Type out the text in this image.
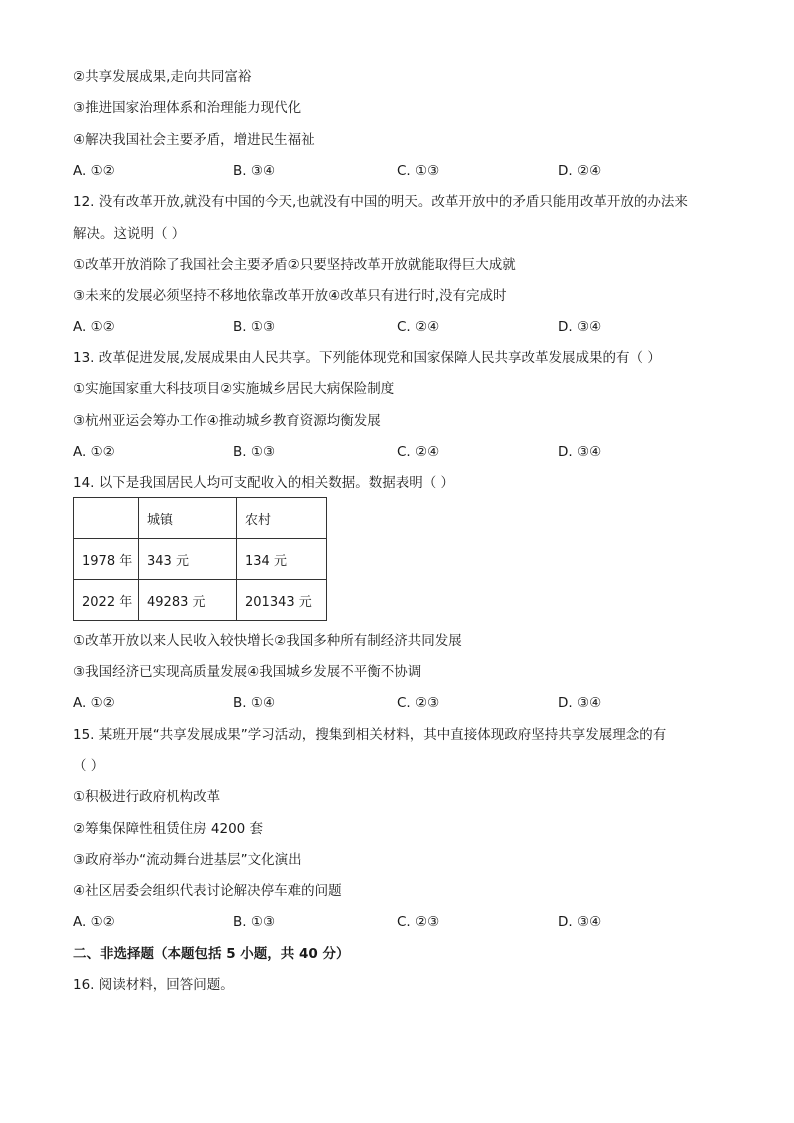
②共享发展成果,走向共同富裕
③推进国家治理体系和治理能力现代化
④解决我国社会主要矛盾，增进民生福祉
A. ①②	B. ③④	C. ①③	D. ②④
12. 没有改革开放,就没有中国的今天,也就没有中国的明天。改革开放中的矛盾只能用改革开放的办法来
解决。这说明（ ）
①改革开放消除了我国社会主要矛盾②只要坚持改革开放就能取得巨大成就
③未来的发展必须坚持不移地依靠改革开放④改革只有进行时,没有完成时
A. ①②	B. ①③	C. ②④	D. ③④
13. 改革促进发展,发展成果由人民共享。下列能体现党和国家保障人民共享改革发展成果的有（ ）
①实施国家重大科技项目②实施城乡居民大病保险制度
③杭州亚运会筹办工作④推动城乡教育资源均衡发展
A. ①②	B. ①③	C. ②④	D. ③④
14. 以下是我国居民人均可支配收入的相关数据。数据表明（ ）
	城镇	农村
1978 年	343 元	134 元
2022 年	49283 元	201343 元
①改革开放以来人民收入较快增长②我国多种所有制经济共同发展
③我国经济已实现高质量发展④我国城乡发展不平衡不协调
A. ①②	B. ①④	C. ②③	D. ③④
15. 某班开展“共享发展成果”学习活动，搜集到相关材料，其中直接体现政府坚持共享发展理念的有
（ ）
①积极进行政府机构改革
②筹集保障性租赁住房 4200 套
③政府举办“流动舞台进基层”文化演出
④社区居委会组织代表讨论解决停车难的问题
A. ①②	B. ①③	C. ②③	D. ③④
二、非选择题（本题包括 5 小题，共 40 分）
16. 阅读材料，回答问题。
